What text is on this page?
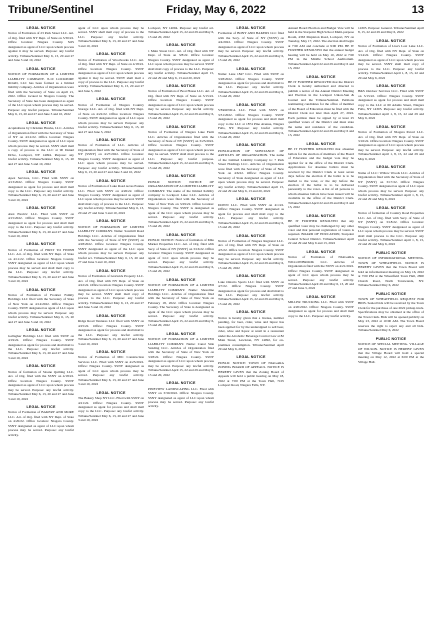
Tribune/Sentinel	Friday, May 6, 2022	13
LEGAL NOTICE
Notice of Formation of 23 Park Street LLC. Art. of Org. filed with NY Dept. of State on 3/30/22. Office location: Niagara County. SOS designated as agent of LLC upon whom process against it may be served. Purpose: any lawful activity. Tribune/Sentinel May 6, 13, 20 and 27 and June 3 and 10, 2022
LEGAL NOTICE
NOTICE OF FORMATION OF A LIMITED LIABILITY COMPANY. 8-10 LOCKPORT ROAD, LLC has been formed as a limited liability company. Articles of Organization were filed with the Secretary of State on April 21, 2022. Office located in Niagara County. The Secretary of State has been designated as agent of the LLC upon whom process may be served. Purpose: any lawful purpose. Tribune/Sentinel May 6, 13, 20 and 27 and June 3 and 10, 2022
LEGAL NOTICE
Acquisitions by Christian Hawks, LLC. Articles of Organization filed with the Secretary of State of NY on 4/12/22. Office location: Niagara County. SSNY designated as agent of LLC upon whom process may be served. SSNY shall mail a copy of process to the LLC at 90 Daniel Drive, Lockport, NY 14094. Purpose: any lawful activity. Tribune/Sentinel May 6, 13, 20 and 27 and June 3 and 10, 2022
LEGAL NOTICE
Apex Services, LLC. Filed with SSNY on 4/13/2022. Office: Niagara County. SSNY designated as agent for process and shall mail copy to the LLC. Purpose: any lawful activity. Tribune/Sentinel May 6, 13, 20 and 27 and June 3 and 10, 2022
LEGAL NOTICE
Alex Electric LLC. Filed with SSNY on 4/15/2022. Office: Niagara County. SSNY designated as agent for process and shall mail copy to the LLC. Purpose: any lawful activity. Tribune/Sentinel May 6, 13, 20 and 27 and June 3 and 10, 2022
LEGAL NOTICE
Notice of Formation of FIRST TO FINISH LLC. Art. of Org. filed with NY Dept. of State on 4/11/22. Office location: Niagara County. SSNY designated as agent of LLC upon whom process may be served and shall mail copy to the LLC. Purpose: any lawful activity. Tribune/Sentinel May 6, 13, 20 and 27 and June 3 and 10, 2022
LEGAL NOTICE
Notice of Formation of Frontier Family Holdings LLC filed with the Secretary of State of New York on 4/14/2022. Office: Niagara County. SSNY designated as agent of LLC upon whom process may be served. Purpose: any lawful activity. Tribune/Sentinel May 6, 13, 20 and 27 and June 3 and 10, 2022
LEGAL NOTICE
Gallagher Holdings LLC filed with SSNY on 4/19/22. Office: Niagara County. SSNY designated as agent for process and shall mail to the LLC. Purpose: any lawful activity. Tribune/Sentinel May 6, 13, 20 and 27 and June 3 and 10, 2022
LEGAL NOTICE
Notice of formation of Sloane Quilting LLC. Art. of Org. filed with the SSNY on 4/18/22. Office location: Niagara County. SSNY designated as agent of LLC upon whom process may be served. Purpose: any lawful activity. Tribune/Sentinel May 6, 13, 20 and 27 and June 3 and 10, 2022
LEGAL NOTICE
Notice of Formation of BAKERY AND MORE LLC. Art. of Org. filed with NY Dept. of State on 4/20/22. Office location: Niagara County. SSNY designated as agent of LLC upon whom process may be served. Purpose: any lawful activity.
agent of LLC upon whom process may be served. SSNY shall mail copy of process to the LLC. Purpose: any lawful activity. Tribune/Sentinel May 6, 13, 20 and 27 and June 3 and 10, 2022
LEGAL NOTICE
Notice of Formation of Woodworks LLC. Art. of Org. filed with NY Dept. of State on 4/18/22. Office location: Niagara County. SSNY designated as agent of LLC upon whom process against it may be served. SSNY shall mail a copy of process to the LLC. Purpose: any lawful activity. Tribune/Sentinel May 6, 13, 20 and 27 and June 3, 2022
LEGAL NOTICE
Notice of Formation of Niagara Country Storage LLC. Art. of Org. filed with NY Dept. of State on 4/22/22. Office location: Niagara County. SSNY designated as agent of LLC upon whom process may be served. Purpose: any lawful activity. Tribune/Sentinel May 6, 13, 20 and 27 and June 3, 2022
LEGAL NOTICE
Notice of Formation of LLC. Articles of Organization filed with the Secretary of State of NY (SSNY) on 4/27/2022. Office location: Niagara County. SSNY designated as agent of LLC upon whom process may be served. Purpose: any lawful activity. Tribune/Sentinel May 6, 13, 20 and 27 and June 3 and 10, 2022
LEGAL NOTICE
Notice of Formation of Lake Road Acres Estates LLC. Filed with SSNY on 4/26/22. Office: Niagara County. SSNY designated as agent of LLC upon whom process may be served. SSNY shall mail copy of process to the LLC. Purpose: any lawful activity. Tribune/Sentinel May 6, 13, 20 and 27 and June 3 and 10, 2022
LEGAL NOTICE
NOTICE OF FORMATION OF LIMITED LIABILITY COMPANY. Name: Sawmill Road Holdings LLC. Articles of Organization filed with the Secretary of State of NY (SSNY) on 4/28/2022. Office location: Niagara County. SSNY designated as agent of the LLC upon whom process may be served. Purpose: any lawful act. Tribune/Sentinel May 6, 13, 20 and 27 and June 3 and 10, 2022
LEGAL NOTICE
Notice of Formation of Gratwick Property LLC. Art. of Org. filed with NY Dept. of State on 4/22/22. Office location: Niagara County. SSNY designated as agent of LLC upon whom process may be served. SSNY shall mail copy of process to the LLC. Purpose: any lawful activity. Tribune/Sentinel May 6, 13, 20 and 27 and June 3 and 10, 2022
LEGAL NOTICE
Ridge Road Ventures LLC filed with SSNY on 4/25/22. Office: Niagara County. SSNY designated as agent for process and shall mail to the LLC. Purpose: any lawful activity. Tribune/Sentinel May 6, 13, 20 and 27 and June 3 and 10, 2022
LEGAL NOTICE
Notice of Formation of MIC Construction Services LLC. Filed with SSNY on 4/25/2022. Office: Niagara County. SSNY designated as agent of LLC upon whom process may be served. Purpose: any lawful activity. Tribune/Sentinel May 6, 13, 20 and 27 and June 3 and 10, 2022
LEGAL NOTICE
The Bakery Shop NY LLC. Filed with SSNY on 4/21/22. Office: Niagara County. SSNY designated as agent for process and shall mail copy to the LLC. Purpose: any lawful activity. Tribune/Sentinel May 6, 13, 20 and 27 and June 3 and 10, 2022
Lockport, NY 14094. Purpose: any lawful act. Tribune/Sentinel April 15, 22 and 29 and May 6, 13 and 20, 2022
LEGAL NOTICE
1 Main Street LLC. Art. of Org. filed with NY Dept. of State on 3/8/22. Office location: Niagara County. SSNY designated as agent of LLC upon whom process may be served. SSNY shall mail copy of process to the LLC. Purpose: any lawful activity. Tribune/Sentinel April 15, 22 and 29 and May 6, 13 and 20, 2022
LEGAL NOTICE
Notice of Formation of Boat House LLC. Art. of Org. filed with NY Dept. of State on 3/15/22. Office location: Niagara County. SSNY designated as agent of LLC upon whom process may be served. Purpose: any lawful activity. Tribune/Sentinel April 15, 22 and 29 and May 6, 13 and 20, 2022
LEGAL NOTICE
Notice of Formation of Niagara Lake Farm LLC. Articles of Organization filed with the Secretary of State of NY (SSNY) on 3/25/2022. Office location: Niagara County. SSNY designated as agent of LLC upon whom process may be served. SSNY shall mail process to the LLC. Purpose: any lawful purpose. Tribune/Sentinel April 15, 22 and 29 and May 6, 13 and 20, 2022
LEGAL NOTICE
PUBLIC NOTICE: NOTICE OF ORGANIZATION OF A LIMITED LIABILITY COMPANY. The name of the limited liability company is Lockport Lake LLC. Articles of Organization were filed with the Secretary of State of New York on 3/29/22. Office location: Niagara County. The SSNY is designated as agent of the LLC upon whom process may be served. Purpose: any lawful activity. Tribune/Sentinel April 15, 22 and 29 and May 6, 13 and 20, 2022
LEGAL NOTICE
PUBLIC NOTICE: Notice of formation of Mile Marker Properties LLC. Art. of Org. filed with Secy. of State of NY (SSNY) on 3/16/22. Office location: Niagara County. SSNY designated as agent of LLC upon whom process may be served. Purpose: any lawful activity. Tribune/Sentinel April 15, 22 and 29 and May 6, 13 and 20, 2022
LEGAL NOTICE
NOTICE OF FORMATION OF A LIMITED LIABILITY COMPANY. Name: Shoreline Holdings LLC. Articles of Organization filed with the Secretary of State of New York on February 18, 2022. Office location: Niagara County. The Secretary of State is designated as agent of the LLC upon whom process may be served. Purpose: any lawful activity. Tribune/Sentinel April 15, 22 and 29 and May 6, 13 and 20, 2022
LEGAL NOTICE
NOTICE OF FORMATION OF A LIMITED LIABILITY COMPANY. Name: Canal Side Vending LLC. Articles of Organization filed with the Secretary of State of New York on 3/28/22. Office: Niagara County. SSNY designated as agent of LLC upon whom process may be served. Purpose: any lawful activity. Tribune/Sentinel April 15, 22 and 29 and May 6, 13 and 20, 2022
LEGAL NOTICE
PINEVIEW LANDSCAPING LLC. Filed with SSNY on 3/30/2022. Office: Niagara County. SSNY designated as agent of LLC upon whom process may be served. Purpose: any lawful activity.
LEGAL NOTICE
Formation of BONY AND BAKERS LLC filed with the Secy. of State of NY (SSNY) on 4/4/2022. Office: Niagara County. SSNY designated as agent of LLC upon whom process may be served. Purpose: any lawful activity. Tribune/Sentinel April 15, 22 and 29 and May 6, 13 and 20, 2022
LEGAL NOTICE
Name: Lane 1847 LLC. Filed with SSNY on 3/28/2022. Office: Niagara County. SSNY designated as agent for process and shall mail to the LLC. Purpose: any lawful activity. Tribune/Sentinel April 15, 22 and 29 and May 6, 13 and 20, 2022
LEGAL NOTICE
VERONICA LLC. Filed with SSNY on 3/31/2022. Office: Niagara County. SSNY designated as agent for process and shall mail copy to the LLC at 1874 Pine Avenue, Niagara Falls, NY. Purpose: any lawful activity. Tribune/Sentinel April 15, 22 and 29 and May 6, 13 and 20, 2022
LEGAL NOTICE
PUBLICATION OF SUBSTANCE OF ARTICLES OF ORGANIZATION. The name of the Limited Liability Company is: 7 Park Street Holdings LLC. Articles of Organization were filed with the Secretary of State of New York on 4/6/22. Office: Niagara County. Secretary of State designated as agent of LLC upon whom process may be served. Purpose: any lawful activity. Tribune/Sentinel April 15, 22 and 29 and May 6, 13 and 20, 2022
LEGAL NOTICE
DOWN LLC. Filed with SSNY on 4/1/22. Office: Niagara County. SSNY designated as agent for process and shall mail copy to the LLC. Purpose: any lawful activity. Tribune/Sentinel April 15, 22 and 29 and May 6, 13 and 20, 2022
LEGAL NOTICE
Notice of Formation of Niagara Regional LLC. Art. of Org. filed with NY Dept. of State on 4/5/22. Office location: Niagara County. SSNY designated as agent of LLC upon whom process may be served. Purpose: any lawful activity. Tribune/Sentinel April 15, 22 and 29 and May 6, 13 and 20, 2022
LEGAL NOTICE
Lake Ontario Sports LLC filed with SSNY on 4/7/22. Office: Niagara County. SSNY designated as agent for process and shall mail to the LLC. Purpose: any lawful activity. Tribune/Sentinel April 15, 22 and 29 and May 6, 13 and 20, 2022
LEGAL NOTICE
Notice is hereby given that a license, number pending, for beer, cider, wine and liquor has been applied for by the undersigned to sell beer, cider, wine and liquor at retail in a restaurant under the Alcoholic Beverage Control Law at 82 Main Street, Lewiston, NY 14092, for on-premises consumption. Tribune/Sentinel April 29 and May 6, 2022
LEGAL NOTICE
PUBLIC NOTICE: TOWN OF NIAGARA ZONING BOARD OF APPEALS. NOTICE IS HEREBY GIVEN that the Zoning Board of Appeals will hold a public hearing on May 18, 2022 at 7:00 PM at the Town Hall, 7105 Lockport Road, Niagara Falls, NY.
Annual Board Election and Budget Vote will be held in the Starpoint High School Multi-purpose Room, 4363 Mapleton Road, Lockport, NY on Tuesday, May 17, 2022. The election shall begin at 7:00 AM and conclude at 9:00 PM. BE IT FURTHER RESOLVED that the annual budget hearing will be held on May 10, 2022 at 7:00 PM in the Middle School Auditorium. Tribune/Sentinel April 22 and 29 and May 6 and 13, 2022
LEGAL NOTICE
BE IT FURTHER RESOLVED that the District Clerk is hereby authorized and directed to publish a notice of the Annual District Meeting and Election in the Lockport Union-Sun & Journal and the Tribune/Sentinel. Petitions nominating candidates for the office of member of the Board of Education must be filed with the District Clerk not later than April 27, 2022. Each petition must be signed by at least 25 qualified voters of the District and must state the name and residence of the candidate. Tribune/Sentinel April 22 and 29 and May 6 and 13, 2022
LEGAL NOTICE
BE IT FURTHER RESOLVED that absentee ballots for the election of members of the Board of Education and the budget vote may be applied for at the office of the District Clerk. Applications for absentee ballots must be received by the District Clerk at least seven days before the election if the ballot is to be mailed to the voter, or the day before the election if the ballot is to be delivered personally to the voter. A list of all persons to whom absentee ballots have been issued will be available in the office of the District Clerk. Tribune/Sentinel April 22 and 29 and May 6 and 13, 2022
LEGAL NOTICE
BE IT FURTHER RESOLVED that any qualified voter may be challenged by any other voter and that personal registration of voters is required. BOARD OF EDUCATION, Starpoint Central School District. Tribune/Sentinel April 22 and 29 and May 6 and 13, 2022
LEGAL NOTICE
Notice of Formation of NIAGARA WILLOWBROOK LLC. Articles of Organization filed with the SSNY on 4/21/2022. Office: Niagara County. SSNY designated as agent of LLC upon whom process may be served. Purpose: any lawful activity. Tribune/Sentinel April 29 and May 6, 13, 20 and 27 and June 3, 2022
LEGAL NOTICE
MILLER TRUCKING LLC. Filed with SSNY on 4/20/2022. Office: Niagara County. SSNY designated as agent for process and shall mail copy to the LLC. Purpose: any lawful activity.
14305. Purpose: General. Tribune/Sentinel April 8, 15, 22 and 29 and May 6, 2022
LEGAL NOTICE
Notice of Formation of Lisa's Lost Lake LLC. Art. of Org. filed with NY Dept. of State on 3/14/22. Office: Niagara County. SSNY designated as agent of LLC upon whom process may be served. SSNY shall mail copy of process to the LLC. Purpose: any lawful activity. Tribune/Sentinel April 1, 8, 15, 22 and 29 and May 6, 2022
LEGAL NOTICE
B&S Outdoor Services LLC. Filed with SSNY on 3/15/22. Office: Niagara County. SSNY designated as agent for process and shall mail copy to the LLC at 60 Adams Street, Niagara Falls, NY 14305. Purpose: any lawful activity. Tribune/Sentinel April 1, 8, 15, 22 and 29 and May 6, 2022
LEGAL NOTICE
Notice of Formation of Niagara Parcel LLC. Art. of Org. filed with NY Dept. of State on 3/16/22. Office location: Niagara County. SSNY designated as agent of LLC upon whom process may be served. Purpose: any lawful activity. Tribune/Sentinel April 1, 8, 15, 22 and 29 and May 6, 2022
LEGAL NOTICE
Name of LLC: Willow Woods LLC. Articles of Organization filed with the Secretary of State of NY (SSNY) on 3/17/22. Office: Niagara County. SSNY designated as agent of LLC upon whom process may be served. Purpose: any lawful activity. Tribune/Sentinel April 1, 8, 15, 22 and 29 and May 6, 2022
LEGAL NOTICE
Notice of formation of Country Road Properties LLC. Art. of Org. filed with Secy. of State of NY (SSNY) on 3/18/22. Office location: Niagara County. SSNY designated as agent of LLC upon whom process may be served. SSNY shall mail process to the LLC. Purpose: any lawful activity. Tribune/Sentinel April 1, 8, 15, 22 and 29 and May 6, 2022
PUBLIC NOTICE
NOTICE OF INFORMATIONAL MEETING. TOWN OF WHEATFIELD. NOTICE IS HEREBY GIVEN that the Town Board will hold an informational meeting on May 16, 2022 at 7:00 PM at the Wheatfield Town Hall, 2800 Church Road, North Tonawanda, NY. Tribune/Sentinel May 6, 2022
PUBLIC NOTICE
TOWN OF WHEATFIELD. REQUEST FOR BIDS. Sealed bids will be received by the Town Clerk for the purchase of one 2022 pickup truck. Specifications may be obtained at the office of the Town Clerk. Bids will be opened publicly on May 23, 2022 at 10:00 AM. The Town Board reserves the right to reject any and all bids. Tribune/Sentinel May 6, 2022
PUBLIC NOTICE
NOTICE OF SPECIAL MEETING. VILLAGE OF WILSON. NOTICE IS HEREBY GIVEN that the Village Board will hold a special meeting on May 12, 2022 at 6:00 PM at the Village Hall.
